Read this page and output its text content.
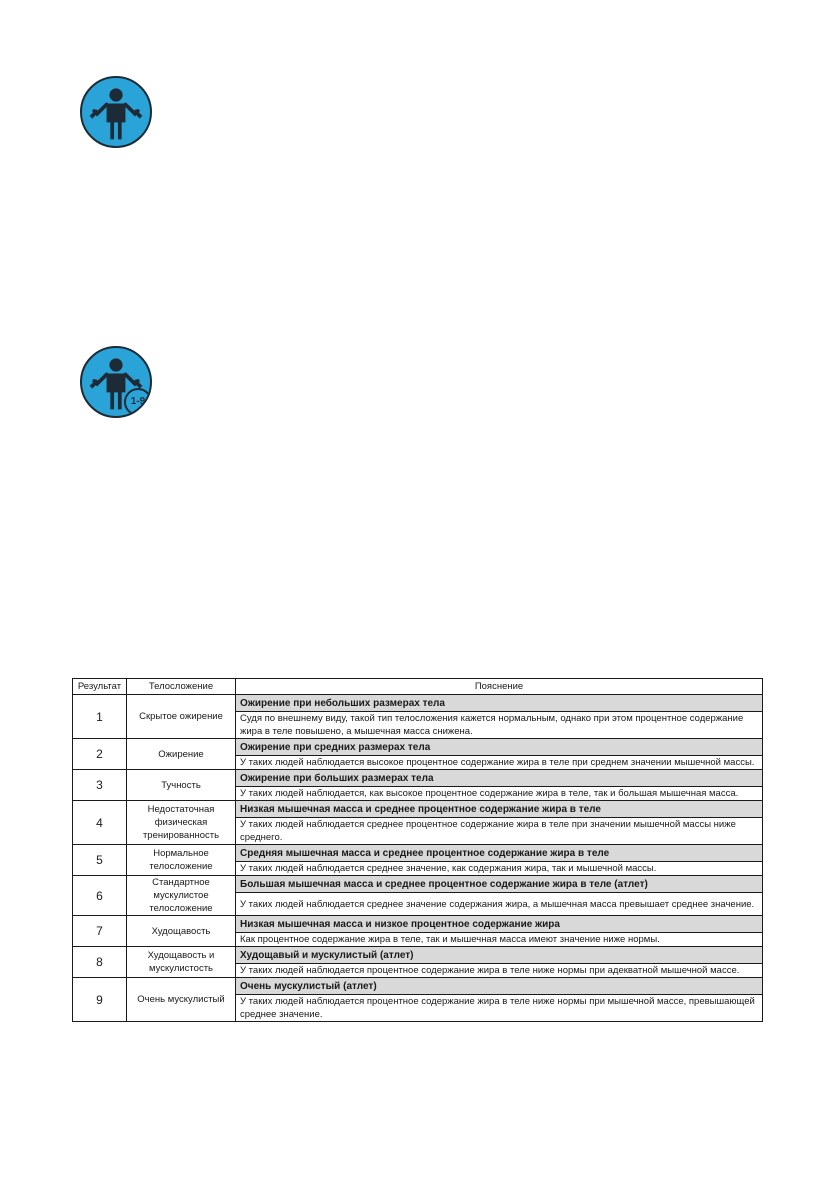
1-9
Результат	Телосложение	Пояснение
1	Скрытое ожирение	Ожирение при небольших размерах тела
		Судя по внешнему виду, такой тип телосложения кажется нормальным, однако при этом процентное содержание жира в теле повышено, а мышечная масса снижена.
2	Ожирение	Ожирение при средних размерах тела
		У таких людей наблюдается высокое процентное содержание жира в теле при среднем значении мышечной массы.
3	Тучность	Ожирение при больших размерах тела
		У таких людей наблюдается, как высокое процентное содержание жира в теле, так и большая мышечная масса.
4	Недостаточная физическая тренированность	Низкая мышечная масса и среднее процентное содержание жира в теле
		У таких людей наблюдается среднее процентное содержание жира в теле при значении мышечной массы ниже среднего.
5	Нормальное телосложение	Средняя мышечная масса и среднее процентное содержание жира в теле
		У таких людей наблюдается среднее значение, как содержания жира, так и мышечной массы.
6	Стандартное мускулистое телосложение	Большая мышечная масса и среднее процентное содержание жира в теле (атлет)
		У таких людей наблюдается среднее значение содержания жира, а мышечная масса превышает среднее значение.
7	Худощавость	Низкая мышечная масса и низкое процентное содержание жира
		Как процентное содержание жира в теле, так и мышечная масса имеют значение ниже нормы.
8	Худощавость и мускулистость	Худощавый и мускулистый (атлет)
		У таких людей наблюдается процентное содержание жира в теле ниже нормы при адекватной мышечной массе.
9	Очень мускулистый	Очень мускулистый (атлет)
		У таких людей наблюдается процентное содержание жира в теле ниже нормы при мышечной массе, превышающей среднее значение.
